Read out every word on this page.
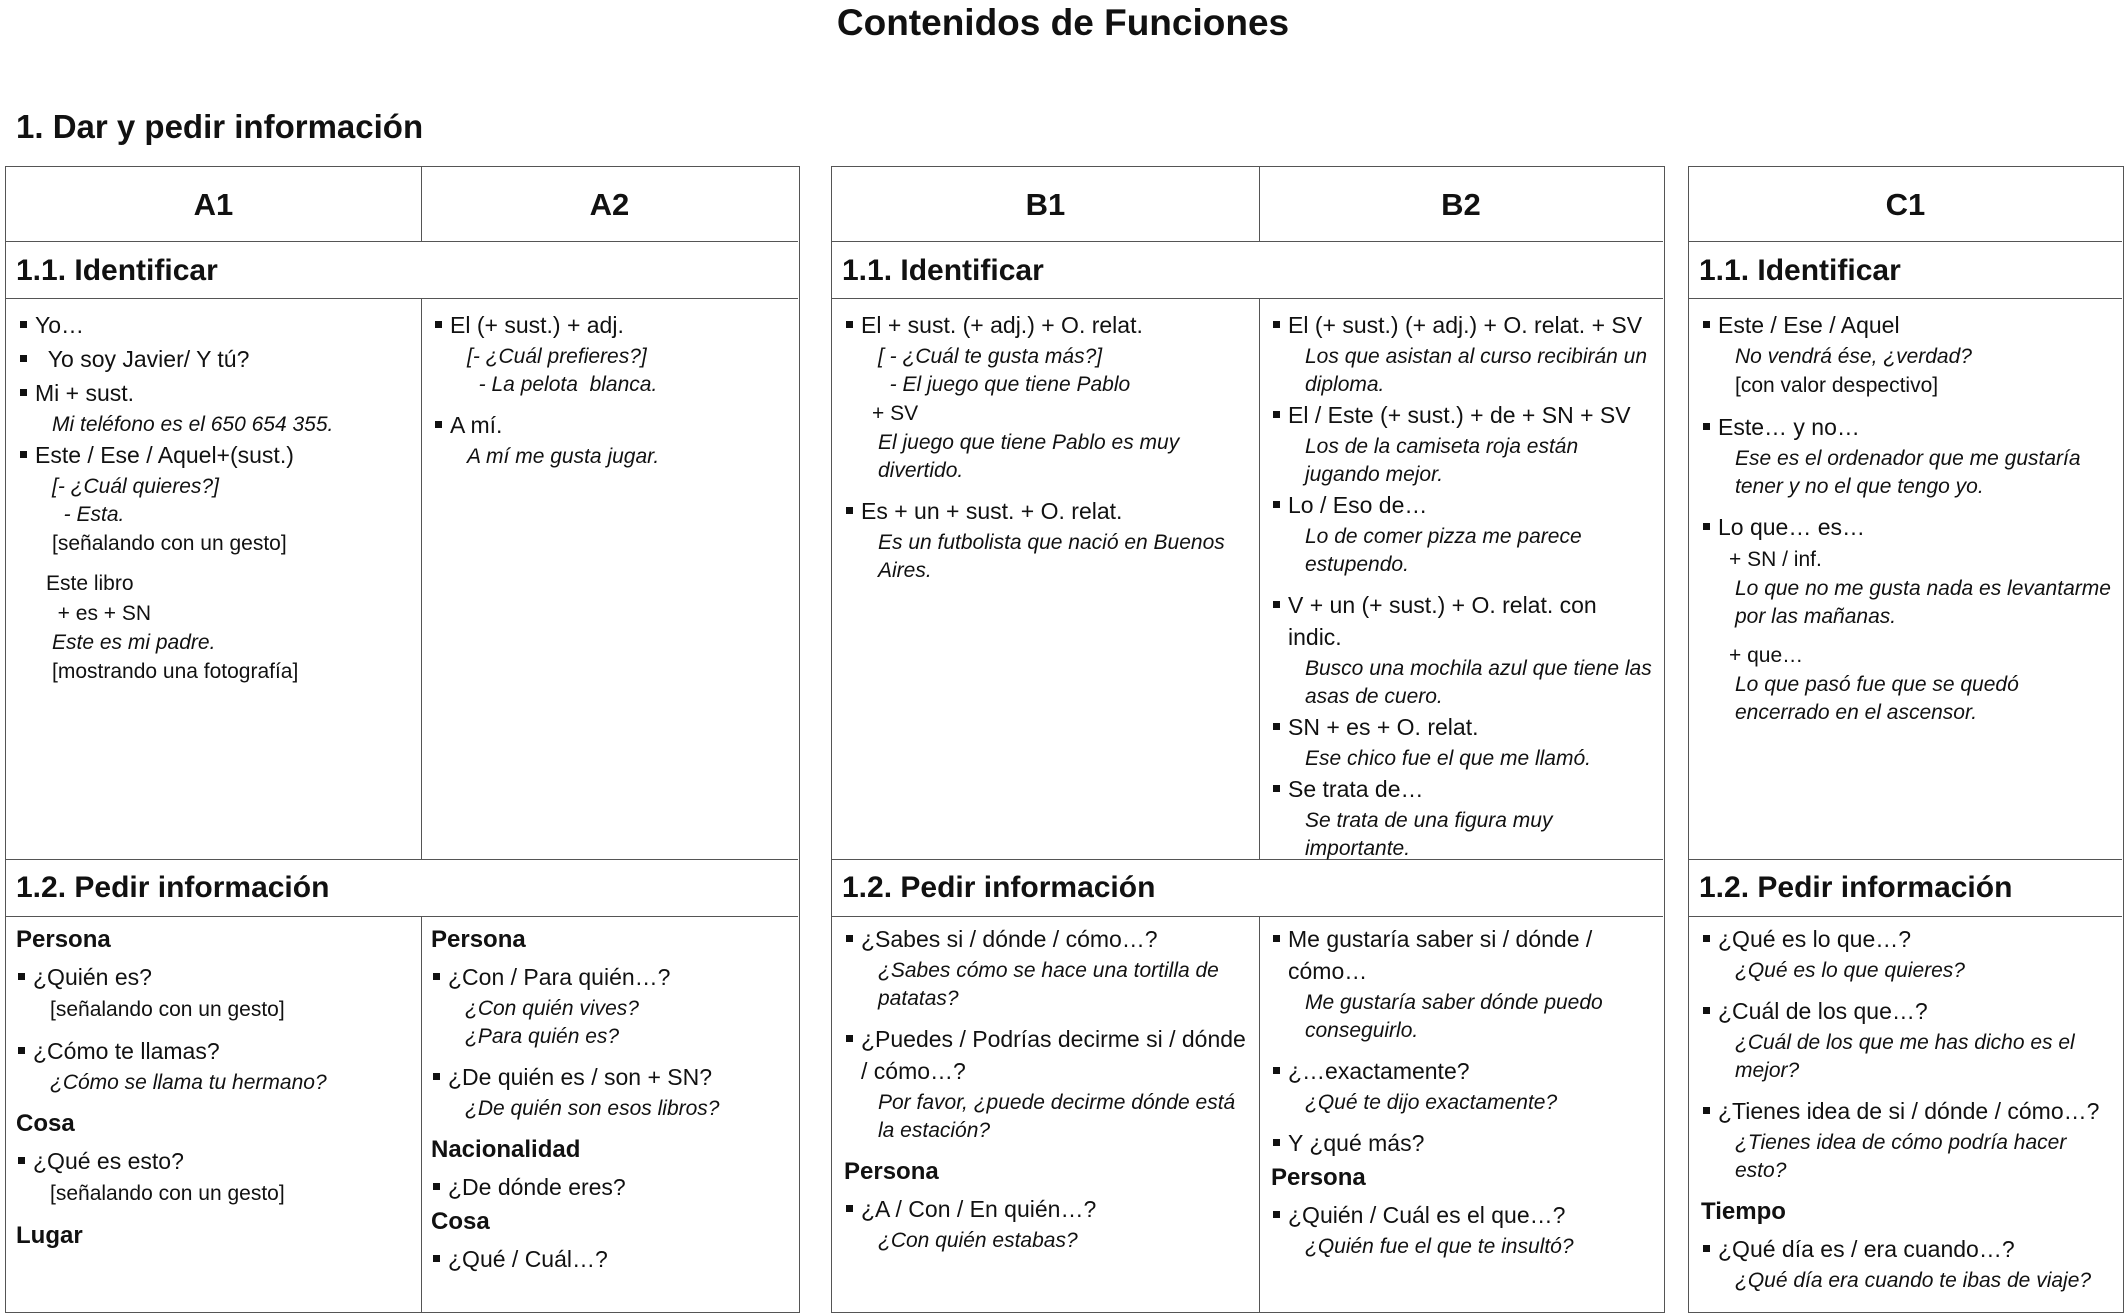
Contenidos de Funciones
1. Dar y pedir información
A1	A2
1.1. Identificar
1.2. Pedir información
Yo…
Yo soy Javier/ Y tú?
Mi + sust.
Mi teléfono es el 650 654 355.
Este / Ese / Aquel+(sust.)
[- ¿Cuál quieres?]
- Esta.
[señalando con un gesto]
Este libro
+ es + SN
Este es mi padre.
[mostrando una fotografía]
El (+ sust.) + adj.
[- ¿Cuál prefieres?]
- La pelota  blanca.
A mí.
A mí me gusta jugar.
Persona
¿Quién es?
[señalando con un gesto]
¿Cómo te llamas?
¿Cómo se llama tu hermano?
Cosa
¿Qué es esto?
[señalando con un gesto]
Lugar
Persona
¿Con / Para quién…?
¿Con quién vives?
¿Para quién es?
¿De quién es / son + SN?
¿De quién son esos libros?
Nacionalidad
¿De dónde eres?
Cosa
¿Qué / Cuál…?
B1	B2
1.1. Identificar
1.2. Pedir información
El + sust. (+ adj.) + O. relat.
[ - ¿Cuál te gusta más?]
- El juego que tiene Pablo
+ SV
El juego que tiene Pablo es muy divertido.
Es + un + sust. + O. relat.
Es un futbolista que nació en Buenos Aires.
El (+ sust.) (+ adj.) + O. relat. + SV
Los que asistan al curso recibirán un diploma.
El / Este (+ sust.) + de + SN + SV
Los de la camiseta roja están jugando mejor.
Lo / Eso de…
Lo de comer pizza me parece estupendo.
V + un (+ sust.) + O. relat. con indic.
Busco una mochila azul que tiene las asas de cuero.
SN + es + O. relat.
Ese chico fue el que me llamó.
Se trata de…
Se trata de una figura muy importante.
¿Sabes si / dónde / cómo…?
¿Sabes cómo se hace una tortilla de patatas?
¿Puedes / Podrías decirme si / dónde / cómo…?
Por favor, ¿puede decirme dónde está la estación?
Persona
¿A / Con / En quién…?
¿Con quién estabas?
Me gustaría saber si / dónde / cómo…
Me gustaría saber dónde puedo conseguirlo.
¿…exactamente?
¿Qué te dijo exactamente?
Y ¿qué más?
Persona
¿Quién / Cuál es el que…?
¿Quién fue el que te insultó?
C1
1.1. Identificar
1.2. Pedir información
Este / Ese / Aquel
No vendrá ése, ¿verdad?
[con valor despectivo]
Este… y no…
Ese es el ordenador que me gustaría tener y no el que tengo yo.
Lo que… es…
+ SN / inf.
Lo que no me gusta nada es levantarme por las mañanas.
+ que…
Lo que pasó fue que se quedó encerrado en el ascensor.
¿Qué es lo que…?
¿Qué es lo que quieres?
¿Cuál de los que…?
¿Cuál de los que me has dicho es el mejor?
¿Tienes idea de si / dónde / cómo…?
¿Tienes idea de cómo podría hacer esto?
Tiempo
¿Qué día es / era cuando…?
¿Qué día era cuando te ibas de viaje?
